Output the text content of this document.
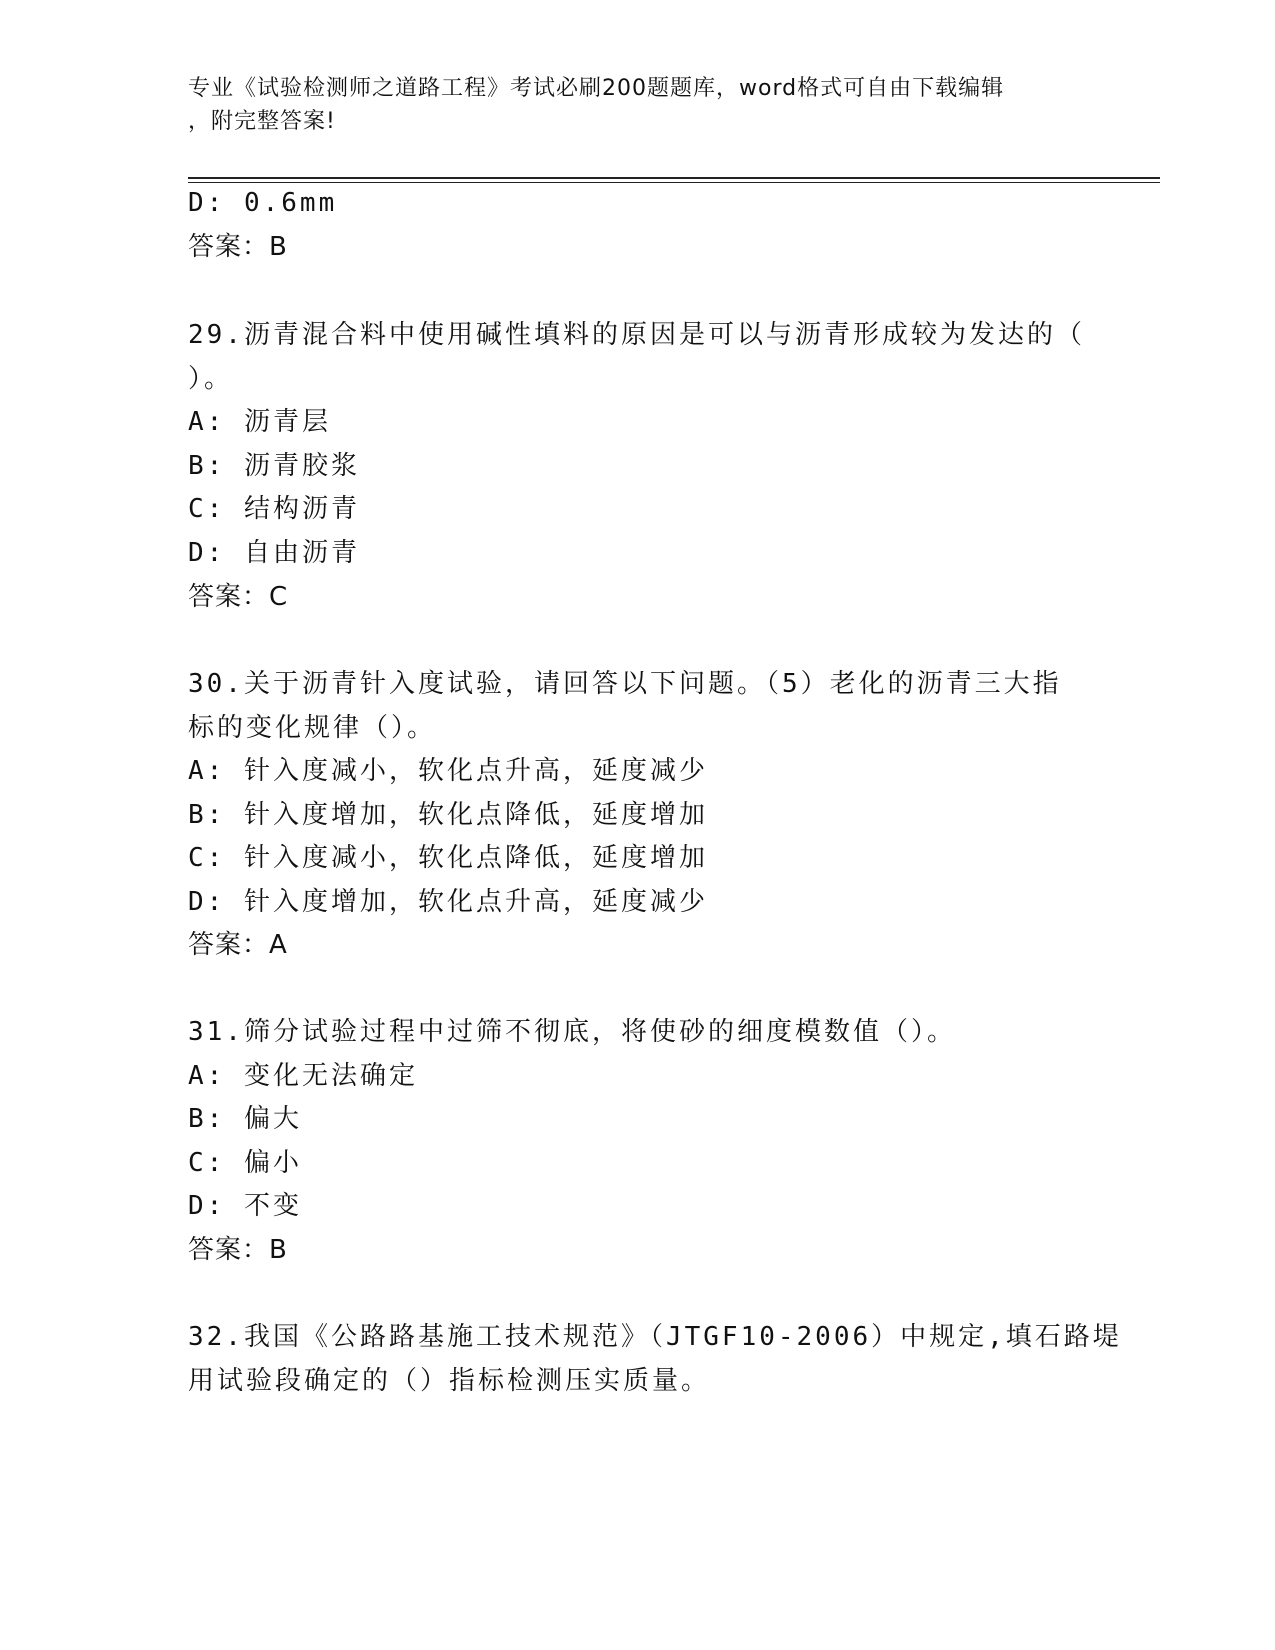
专业《试验检测师之道路工程》考试必刷200题题库，word格式可自由下载编辑
，附完整答案!
D: 0.6mm
答案：B
29.沥青混合料中使用碱性填料的原因是可以与沥青形成较为发达的（
）。
A: 沥青层
B: 沥青胶浆
C: 结构沥青
D: 自由沥青
答案：C
30.关于沥青针入度试验，请回答以下问题。（5）老化的沥青三大指
标的变化规律（）。
A: 针入度减小，软化点升高，延度减少
B: 针入度增加，软化点降低，延度增加
C: 针入度减小，软化点降低，延度增加
D: 针入度增加，软化点升高，延度减少
答案：A
31.筛分试验过程中过筛不彻底，将使砂的细度模数值（）。
A: 变化无法确定
B: 偏大
C: 偏小
D: 不变
答案：B
32.我国《公路路基施工技术规范》（JTGF10-2006）中规定,填石路堤
用试验段确定的（）指标检测压实质量。
